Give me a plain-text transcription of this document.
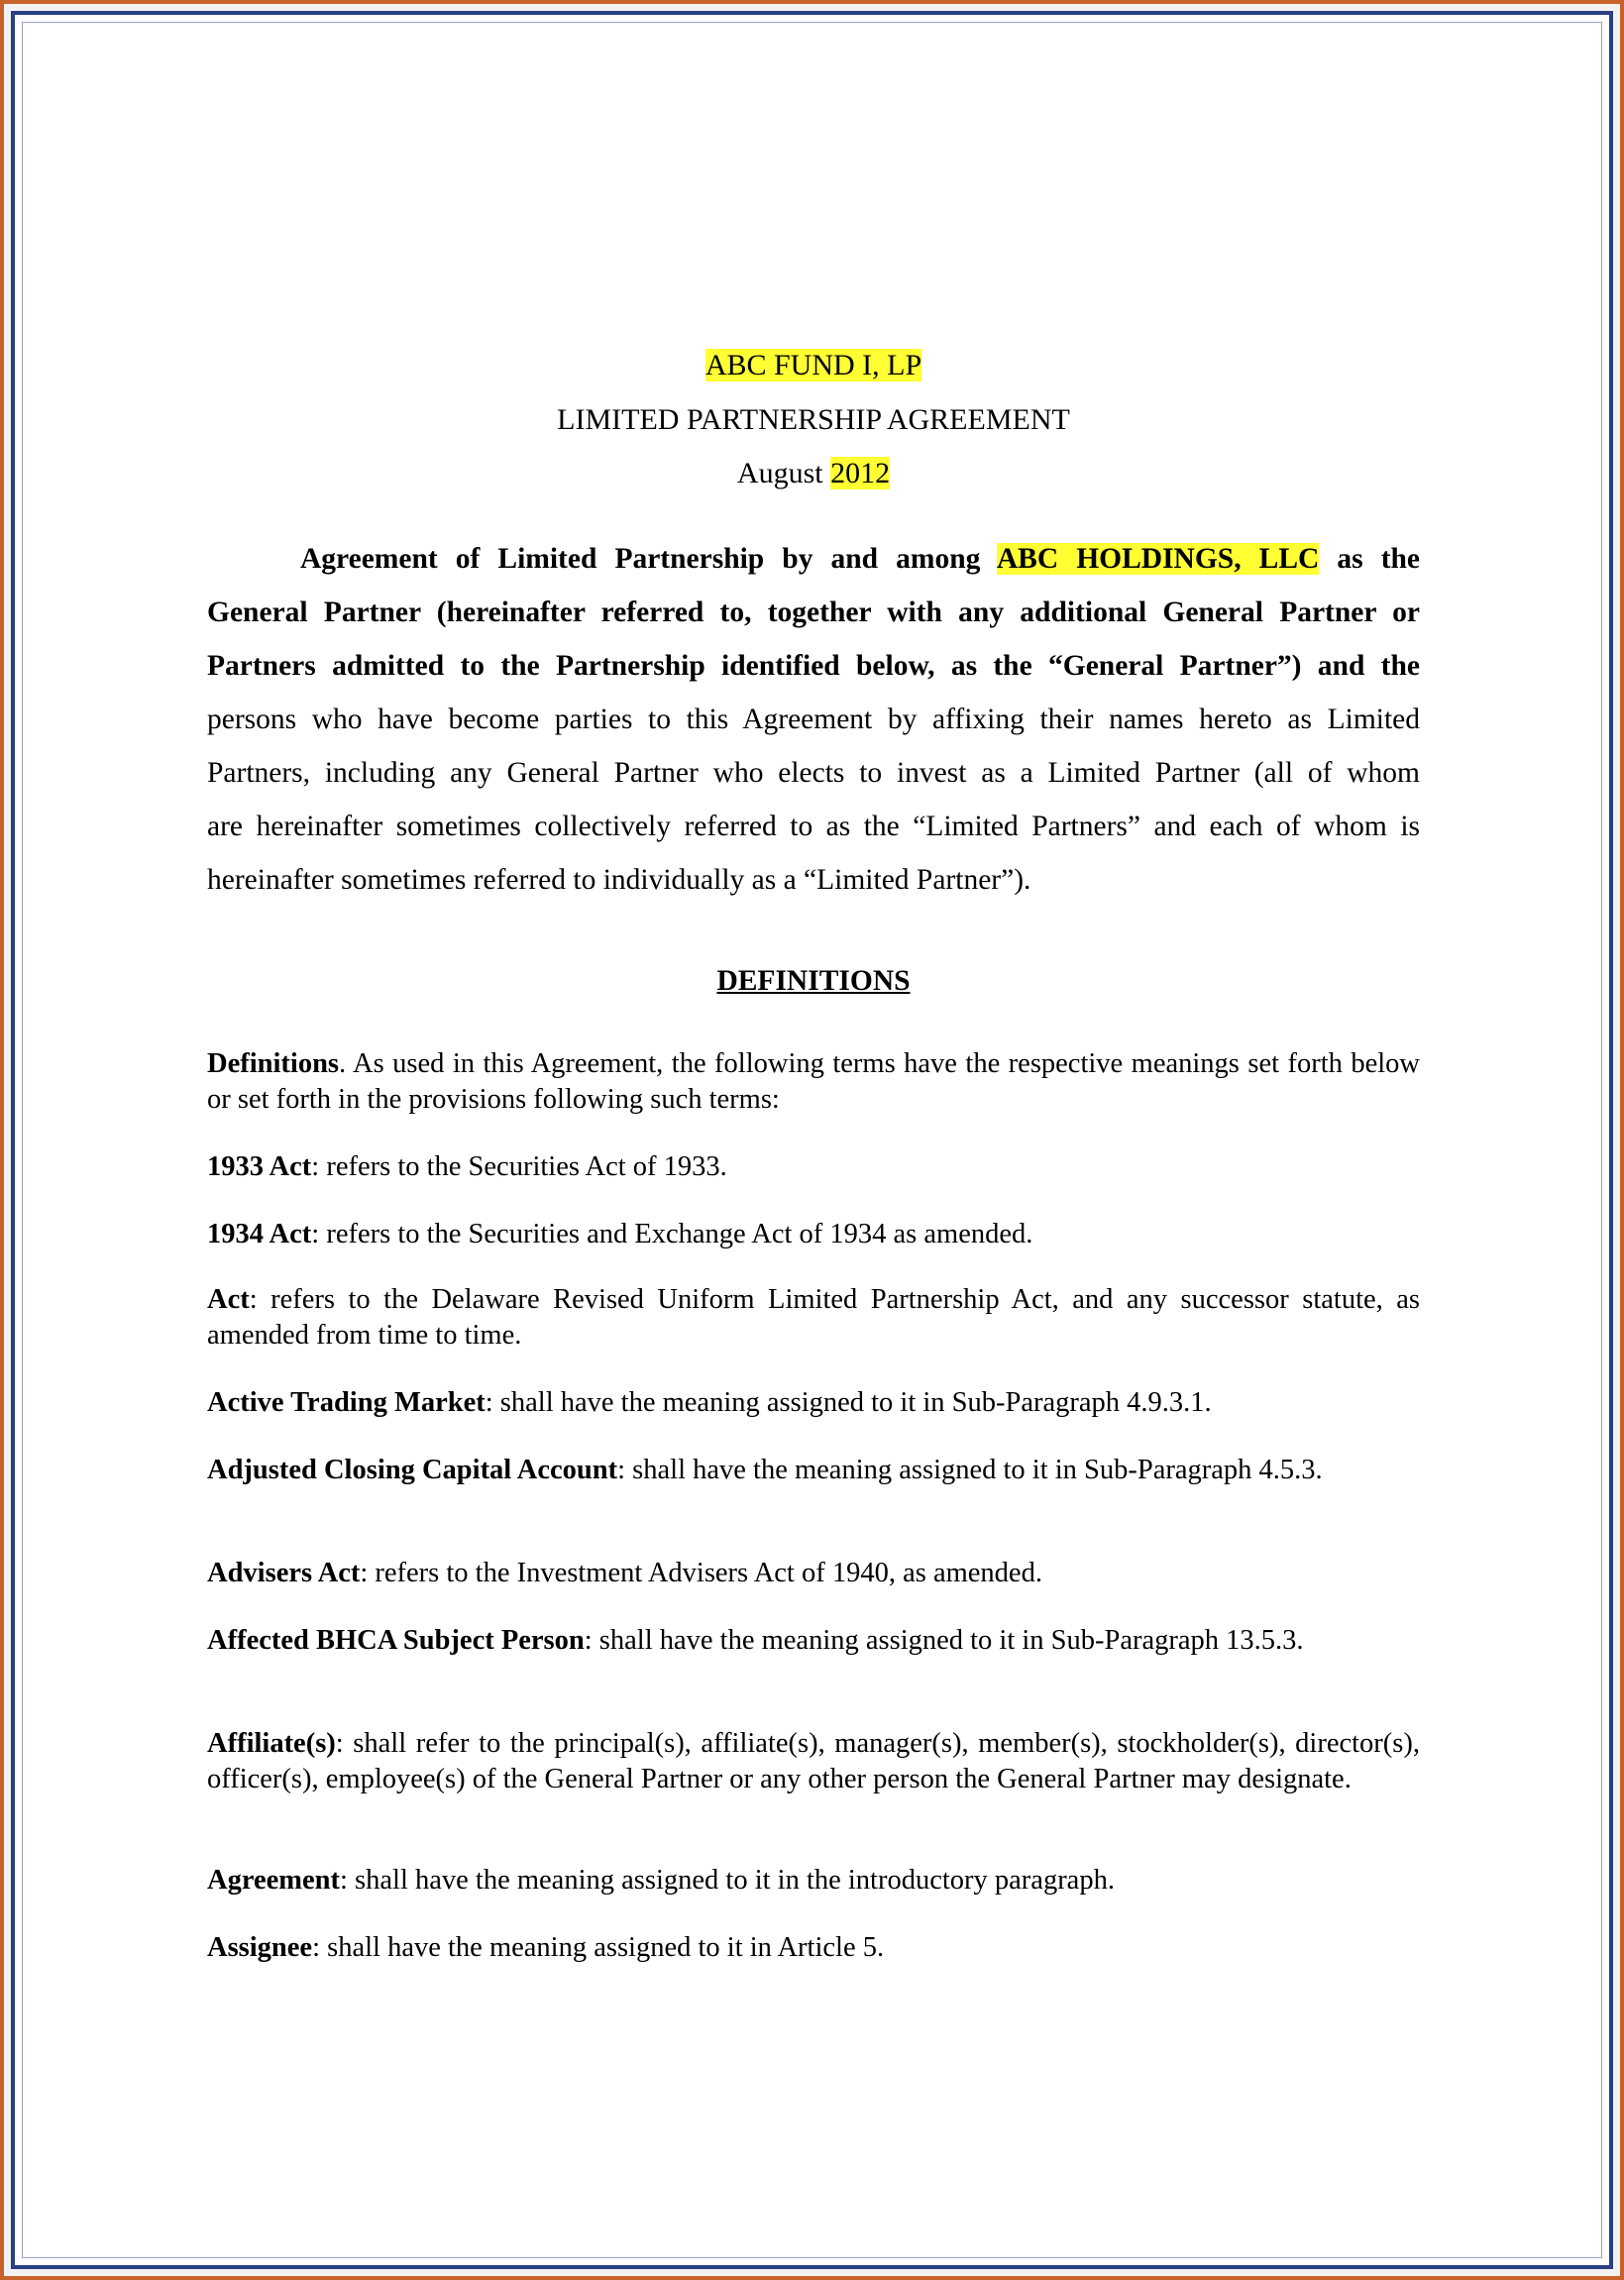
ABC FUND I, LP
LIMITED PARTNERSHIP AGREEMENT
August 2012
Agreement of Limited Partnership by and among ABC HOLDINGS, LLC as the
General Partner (hereinafter referred to, together with any additional General Partner or
Partners admitted to the Partnership identified below, as the “General Partner”) and the
persons who have become parties to this Agreement by affixing their names hereto as Limited
Partners, including any General Partner who elects to invest as a Limited Partner (all of whom
are hereinafter sometimes collectively referred to as the “Limited Partners” and each of whom is
hereinafter sometimes referred to individually as a “Limited Partner”).
DEFINITIONS
Definitions. As used in this Agreement, the following terms have the respective meanings set forth below or set forth in the provisions following such terms:
1933 Act: refers to the Securities Act of 1933.
1934 Act: refers to the Securities and Exchange Act of 1934 as amended.
Act: refers to the Delaware Revised Uniform Limited Partnership Act, and any successor statute, as amended from time to time.
Active Trading Market: shall have the meaning assigned to it in Sub-Paragraph 4.9.3.1.
Adjusted Closing Capital Account: shall have the meaning assigned to it in Sub-Paragraph 4.5.3.
Advisers Act: refers to the Investment Advisers Act of 1940, as amended.
Affected BHCA Subject Person: shall have the meaning assigned to it in Sub-Paragraph 13.5.3.
Affiliate(s): shall refer to the principal(s), affiliate(s), manager(s), member(s), stockholder(s), director(s), officer(s), employee(s) of the General Partner or any other person the General Partner may designate.
Agreement: shall have the meaning assigned to it in the introductory paragraph.
Assignee: shall have the meaning assigned to it in Article 5.
